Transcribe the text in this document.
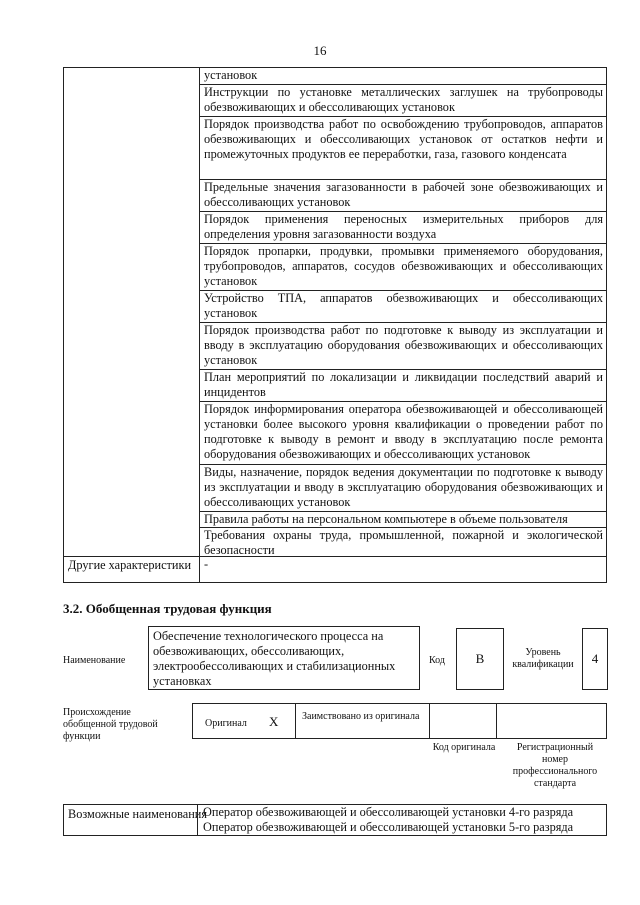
16
установок
Инструкции по установке металлических заглушек на трубопроводы обезвоживающих и обессоливающих установок
Порядок производства работ по освобождению трубопроводов, аппаратов обезвоживающих и обессоливающих установок от остатков нефти и промежуточных продуктов ее переработки, газа, газового конденсата
Предельные значения загазованности в рабочей зоне обезвоживающих и обессоливающих установок
Порядок применения переносных измерительных приборов для определения уровня загазованности воздуха
Порядок пропарки, продувки, промывки применяемого оборудования, трубопроводов, аппаратов, сосудов обезвоживающих и обессоливающих установок
Устройство ТПА, аппаратов обезвоживающих и обессоливающих установок
Порядок производства работ по подготовке к выводу из эксплуатации и вводу в эксплуатацию оборудования обезвоживающих и обессоливающих установок
План мероприятий по локализации и ликвидации последствий аварий и инцидентов
Порядок информирования оператора обезвоживающей и обессоливающей установки более высокого уровня квалификации о проведении работ по подготовке к выводу в ремонт и вводу в эксплуатацию после ремонта оборудования обезвоживающих и обессоливающих установок
Виды, назначение, порядок ведения документации по подготовке к выводу из эксплуатации и вводу в эксплуатацию оборудования обезвоживающих и обессоливающих установок
Правила работы на персональном компьютере в объеме пользователя
Требования охраны труда, промышленной, пожарной и экологической безопасности
Другие характеристики	-
3.2. Обобщенная трудовая функция
Наименование
Обеспечение технологического процесса на обезвоживающих, обессоливающих, электрообессоливающих и стабилизационных установках
Код	B	Уровень квалификации	4
Происхождение обобщенной трудовой функции
Оригинал X Заимствовано из оригинала
Код оригинала	Регистрационный номер профессионального стандарта
Возможные наименования
Оператор обезвоживающей и обессоливающей установки 4-го разряда
Оператор обезвоживающей и обессоливающей установки 5-го разряда
